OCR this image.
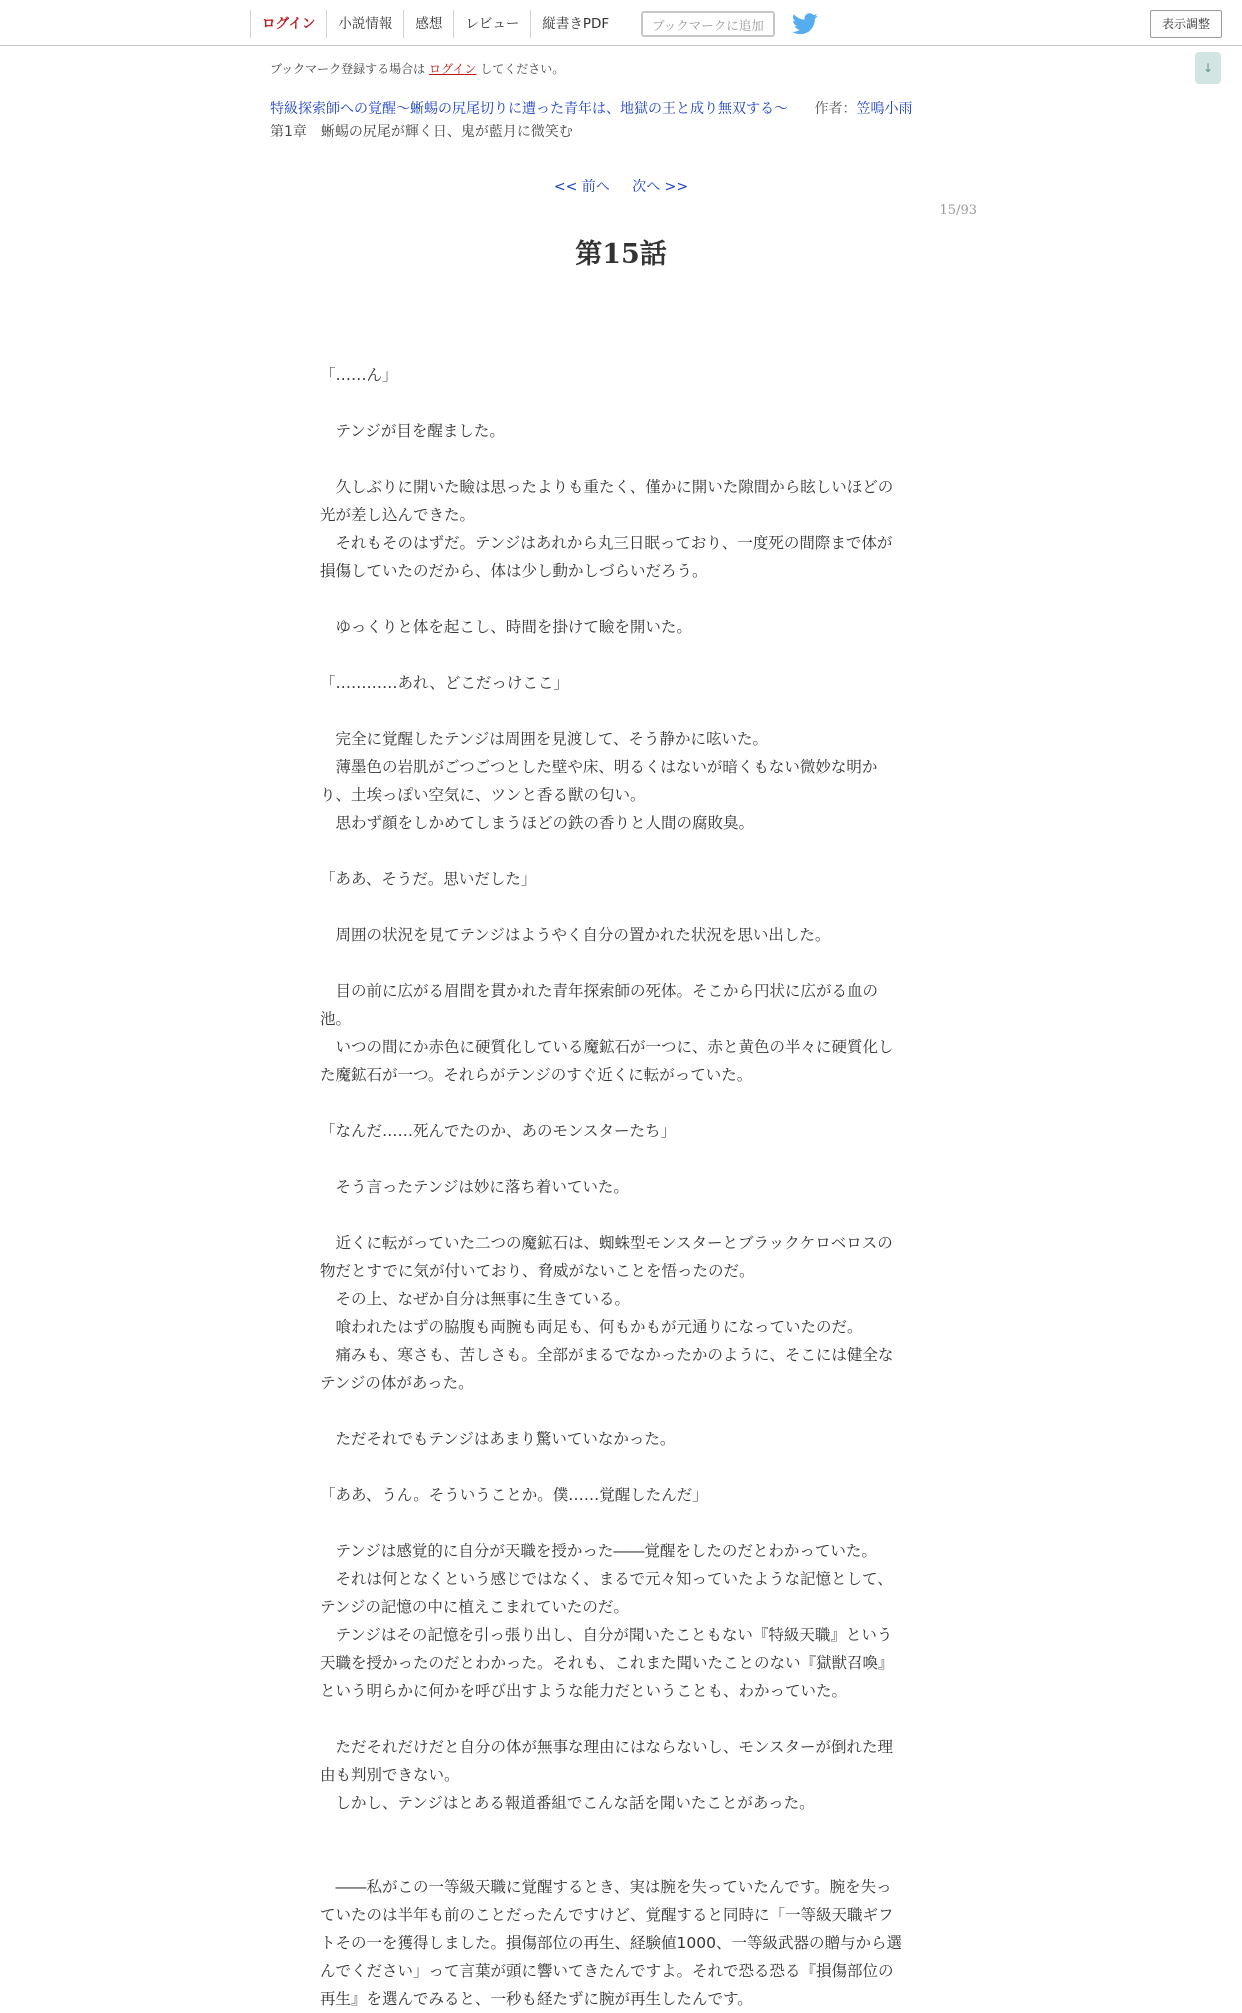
ログイン	小説情報	感想	レビュー	縦書きPDF	ブックマークに追加	表示調整
↓
ブックマーク登録する場合は ログイン してください。
特級探索師への覚醒～蜥蜴の尻尾切りに遭った青年は、地獄の王と成り無双する～ 作者：笠鳴小雨
第1章　蜥蜴の尻尾が輝く日、鬼が藍月に微笑む
<< 前へ 次へ >>
15/93
第15話

「……ん」

　テンジが目を醒ました。

　久しぶりに開いた瞼は思ったよりも重たく、僅かに開いた隙間から眩しいほどの

光が差し込んできた。

　それもそのはずだ。テンジはあれから丸三日眠っており、一度死の間際まで体が

損傷していたのだから、体は少し動かしづらいだろう。

　ゆっくりと体を起こし、時間を掛けて瞼を開いた。

「…………あれ、どこだっけここ」

　完全に覚醒したテンジは周囲を見渡して、そう静かに呟いた。

　薄墨色の岩肌がごつごつとした壁や床、明るくはないが暗くもない微妙な明か

り、土埃っぽい空気に、ツンと香る獣の匂い。

　思わず顔をしかめてしまうほどの鉄の香りと人間の腐敗臭。

「ああ、そうだ。思いだした」

　周囲の状況を見てテンジはようやく自分の置かれた状況を思い出した。

　目の前に広がる眉間を貫かれた青年探索師の死体。そこから円状に広がる血の

池。

　いつの間にか赤色に硬質化している魔鉱石が一つに、赤と黄色の半々に硬質化し

た魔鉱石が一つ。それらがテンジのすぐ近くに転がっていた。

「なんだ……死んでたのか、あのモンスターたち」

　そう言ったテンジは妙に落ち着いていた。

　近くに転がっていた二つの魔鉱石は、蜘蛛型モンスターとブラックケロベロスの

物だとすでに気が付いており、脅威がないことを悟ったのだ。

　その上、なぜか自分は無事に生きている。

　喰われたはずの脇腹も両腕も両足も、何もかもが元通りになっていたのだ。

　痛みも、寒さも、苦しさも。全部がまるでなかったかのように、そこには健全な

テンジの体があった。

　ただそれでもテンジはあまり驚いていなかった。

「ああ、うん。そういうことか。僕……覚醒したんだ」

　テンジは感覚的に自分が天職を授かった――覚醒をしたのだとわかっていた。

　それは何となくという感じではなく、まるで元々知っていたような記憶として、

テンジの記憶の中に植えこまれていたのだ。

　テンジはその記憶を引っ張り出し、自分が聞いたこともない『特級天職』という

天職を授かったのだとわかった。それも、これまた聞いたことのない『獄獣召喚』

という明らかに何かを呼び出すような能力だということも、わかっていた。

　ただそれだけだと自分の体が無事な理由にはならないし、モンスターが倒れた理

由も判別できない。

　しかし、テンジはとある報道番組でこんな話を聞いたことがあった。

　――私がこの一等級天職に覚醒するとき、実は腕を失っていたんです。腕を失っ

ていたのは半年も前のことだったんですけど、覚醒すると同時に「一等級天職ギフ

トその一を獲得しました。損傷部位の再生、経験値1000、一等級武器の贈与から選

んでください」って言葉が頭に響いてきたんですよ。それで恐る恐る『損傷部位の

再生』を選んでみると、一秒も経たずに腕が再生したんです。
